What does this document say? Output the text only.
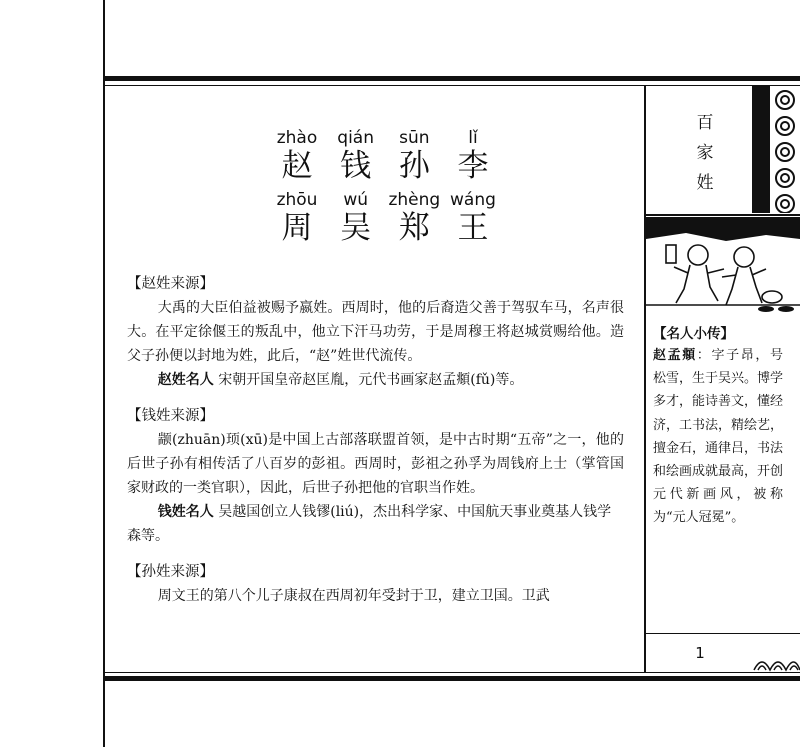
zhào	qián	sūn	lǐ
赵 钱 孙 李
zhōu	wú	zhèng wáng
周 吴 郑 王

【赵姓来源】

大禹的大臣伯益被赐予嬴姓。西周时，他的后裔造父善于驾驭车马，名声很大。在平定徐偃王的叛乱中，他立下汗马功劳，于是周穆王将赵城赏赐给他。造父子孙便以封地为姓，此后，“赵”姓世代流传。

赵姓名人 宋朝开国皇帝赵匡胤，元代书画家赵孟頫(fǔ)等。

【钱姓来源】

颛(zhuān)顼(xū)是中国上古部落联盟首领，是中古时期“五帝”之一，他的后世子孙有相传活了八百岁的彭祖。西周时，彭祖之孙孚为周钱府上士（掌管国家财政的一类官职），因此，后世子孙把他的官职当作姓。

钱姓名人 吴越国创立人钱镠(liú)，杰出科学家、中国航天事业奠基人钱学森等。

【孙姓来源】

周文王的第八个儿子康叔在西周初年受封于卫，建立卫国。卫武

百家姓
【名人小传】
赵孟頫：字子昂，号松雪，生于吴兴。博学多才，能诗善文，懂经济，工书法，精绘艺，擅金石，通律吕，书法和绘画成就最高，开创元代新画风，被称为“元人冠冕”。
1
